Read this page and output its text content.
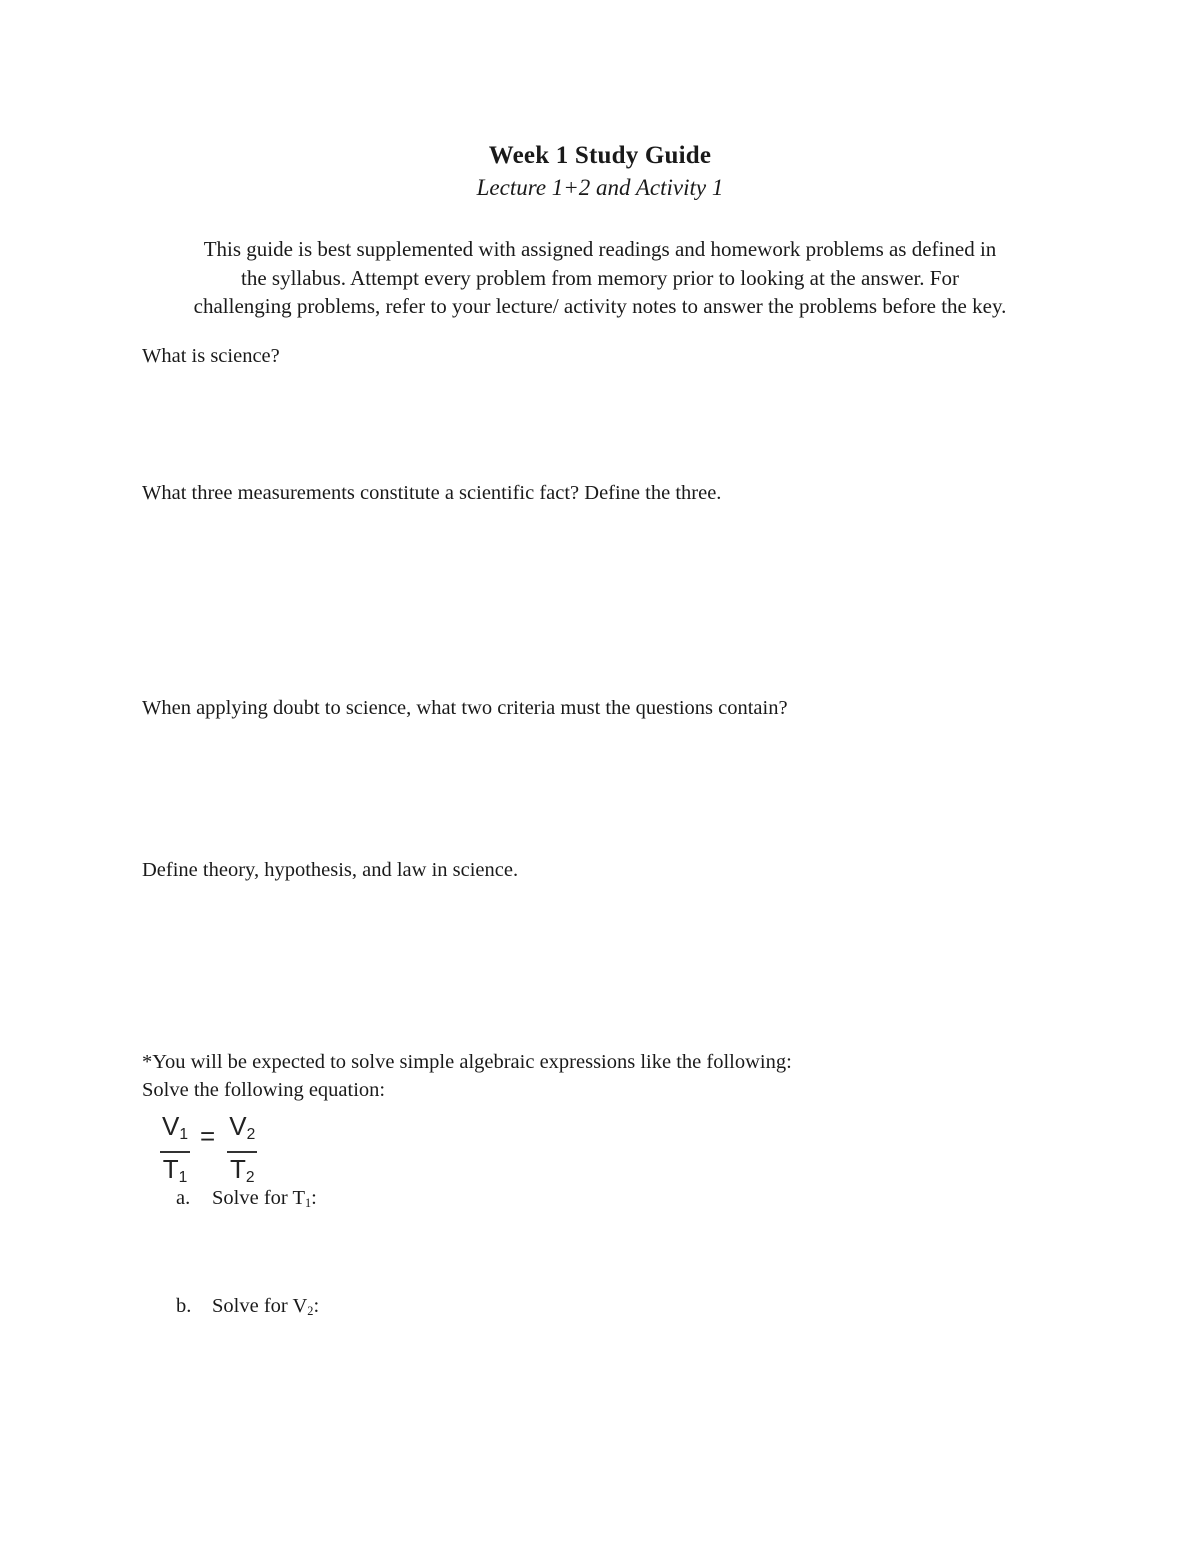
Week 1 Study Guide
Lecture 1+2 and Activity 1
This guide is best supplemented with assigned readings and homework problems as defined in
the syllabus. Attempt every problem from memory prior to looking at the answer. For
challenging problems, refer to your lecture/ activity notes to answer the problems before the key.
What is science?
What three measurements constitute a scientific fact? Define the three.
When applying doubt to science, what two criteria must the questions contain?
Define theory, hypothesis, and law in science.
*You will be expected to solve simple algebraic expressions like the following:
Solve the following equation:
$\frac{V_1}{T_1} = \frac{V_2}{T_2}$
a. Solve for $T_1$:
b. Solve for $V_2$:
